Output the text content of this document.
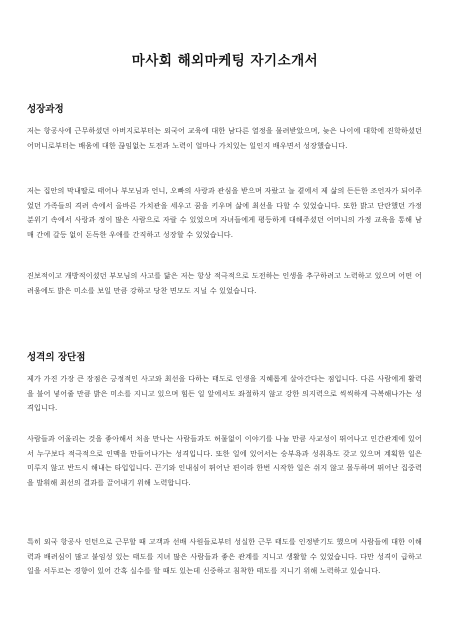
마사회 해외마케팅 자기소개서
성장과정

저는 항공사에 근무하셨던 아버지로부터는 외국어 교육에 대한 남다른 열정을 물려받았으며, 늦은 나이에 대학에 진학하셨던 어머니로부터는 배움에 대한 끊임없는 도전과 노력이 얼마나 가치있는 일인지 배우면서 성장했습니다.

저는 집안의 막내딸로 태어나 부모님과 언니, 오빠의 사랑과 관심을 받으며 자랐고 늘 곁에서 제 삶의 든든한 조언자가 되어주었던 가족들의 격려 속에서 올바른 가치관을 세우고 꿈을 키우며 삶에 최선을 다할 수 있었습니다. 또한 밝고 단란했던 가정 분위기 속에서 사랑과 정이 많은 사람으로 자랄 수 있었으며 자녀들에게 평등하게 대해주셨던 어머니의 가정 교육을 통해 남매 간에 갈등 없이 돈독한 우애를 간직하고 성장할 수 있었습니다.

진보적이고 개방적이셨던 부모님의 사고를 닮은 저는 항상 적극적으로 도전하는 인생을 추구하려고 노력하고 있으며 어떤 어려움에도 밝은 미소를 보일 만큼 강하고 당찬 면모도 지닐 수 있었습니다.

성격의 장단점

제가 가진 가장 큰 장점은 긍정적인 사고와 최선을 다하는 태도로 인생을 지혜롭게 살아간다는 점입니다. 다른 사람에게 활력을 불어 넣어줄 만큼 밝은 미소를 지니고 있으며 힘든 일 앞에서도 좌절하지 않고 강한 의지력으로 씩씩하게 극복해나가는 성격입니다.

사람들과 어울리는 것을 좋아해서 처음 만나는 사람들과도 허물없이 이야기를 나눌 만큼 사교성이 뛰어나고 인간관계에 있어서 누구보다 적극적으로 인맥을 만들어나가는 성격입니다. 또한 일에 있어서는 승부욕과 성취욕도 갖고 있으며 계획한 일은 미루지 않고 반드시 해내는 타입입니다. 끈기와 인내심이 뛰어난 편이라 한번 시작한 일은 쉬지 않고 몰두하며 뛰어난 집중력을 발휘해 최선의 결과를 끌어내기 위해 노력합니다.

특히 외국 항공사 인턴으로 근무할 때 고객과 선배 사원들로부터 성실한 근무 태도를 인정받기도 했으며 사람들에 대한 이해력과 배려심이 많고 붙임성 있는 태도를 지녀 많은 사람들과 좋은 관계를 지니고 생활할 수 있었습니다. 다만 성격이 급하고 일을 서두르는 경향이 있어 간혹 실수를 할 때도 있는데 신중하고 침착한 태도를 지니기 위해 노력하고 있습니다.
